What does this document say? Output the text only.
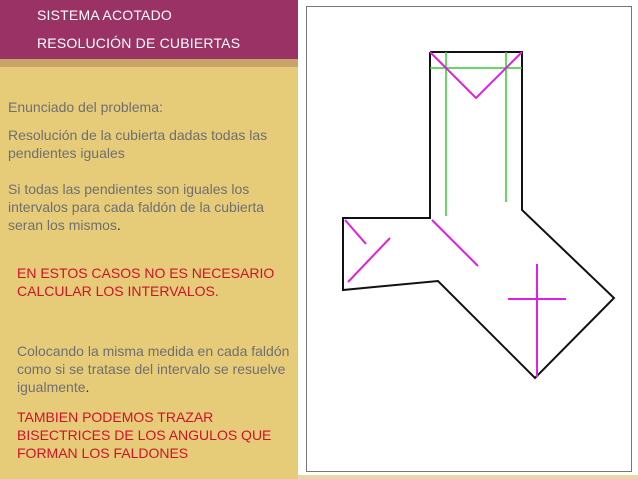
SISTEMA ACOTADO
RESOLUCIÓN DE CUBIERTAS
Enunciado del problema:
Resolución de la cubierta dadas todas las pendientes iguales
Si todas las pendientes son iguales los intervalos para cada faldón de la cubierta seran los mismos.
EN ESTOS CASOS NO ES NECESARIO CALCULAR LOS INTERVALOS.
Colocando la misma medida en cada faldón como si se tratase del intervalo se resuelve igualmente.
TAMBIEN PODEMOS TRAZAR BISECTRICES DE LOS ANGULOS QUE FORMAN LOS FALDONES
